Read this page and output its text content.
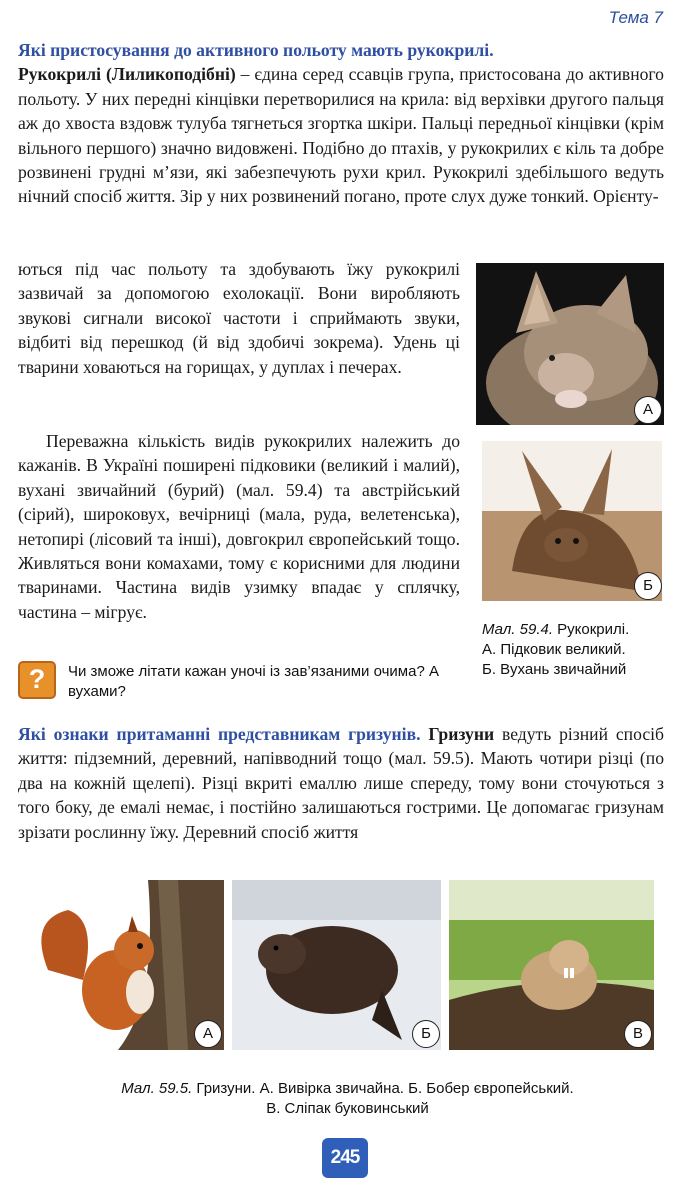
Тема 7

Які пристосування до активного польоту мають рукокрилі.
Рукокрилі (Лиликоподібні) – єдина серед ссавців група, пристосована до активного польоту. У них передні кінцівки перетворилися на крила: від верхівки другого пальця аж до хвоста вздовж тулуба тягнеться згортка шкіри. Пальці передньої кінцівки (крім вільного першого) значно видовжені. Подібно до птахів, у рукокрилих є кіль та добре розвинені грудні м’язи, які забезпечують рухи крил. Рукокрилі здебільшого ведуть нічний спосіб життя. Зір у них розвинений погано, проте слух дуже тонкий. Орієнту-

ються під час польоту та здобувають їжу рукокрилі зазвичай за допомогою ехолокації. Вони виробляють звукові сигнали високої частоти і сприймають звуки, відбиті від перешкод (й від здобичі зокрема). Удень ці тварини ховаються на горищах, у дуплах і печерах.

Переважна кількість видів рукокрилих належить до кажанів. В Україні поширені підковики (великий і малий), вухані звичайний (бурий) (мал. 59.4) та австрійський (сірий), широковух, вечірниці (мала, руда, велетенська), нетопирі (лісовий та інші), довгокрил європейський тощо. Живляться вони комахами, тому є корисними для людини тваринами. Частина видів узимку впадає у сплячку, частина – мігрує.

А
Б
Мал. 59.4. Рукокрилі.
А. Підковик великий.
Б. Вухань звичайний
?	Чи зможе літати кажан уночі із зав’язаними очима? А вухами?

Які ознаки притаманні представникам гризунів. Гризуни ведуть різний спосіб життя: підземний, деревний, напівводний тощо (мал. 59.5). Мають чотири різці (по два на кожній щелепі). Різці вкриті емаллю лише спереду, тому вони сточуються з того боку, де емалі немає, і постійно залишаються гострими. Це допомагає гризунам зрізати рослинну їжу. Деревний спосіб життя

А	Б	В
Мал. 59.5. Гризуни. А. Вивірка звичайна. Б. Бобер європейський.
В. Сліпак буковинський
245
